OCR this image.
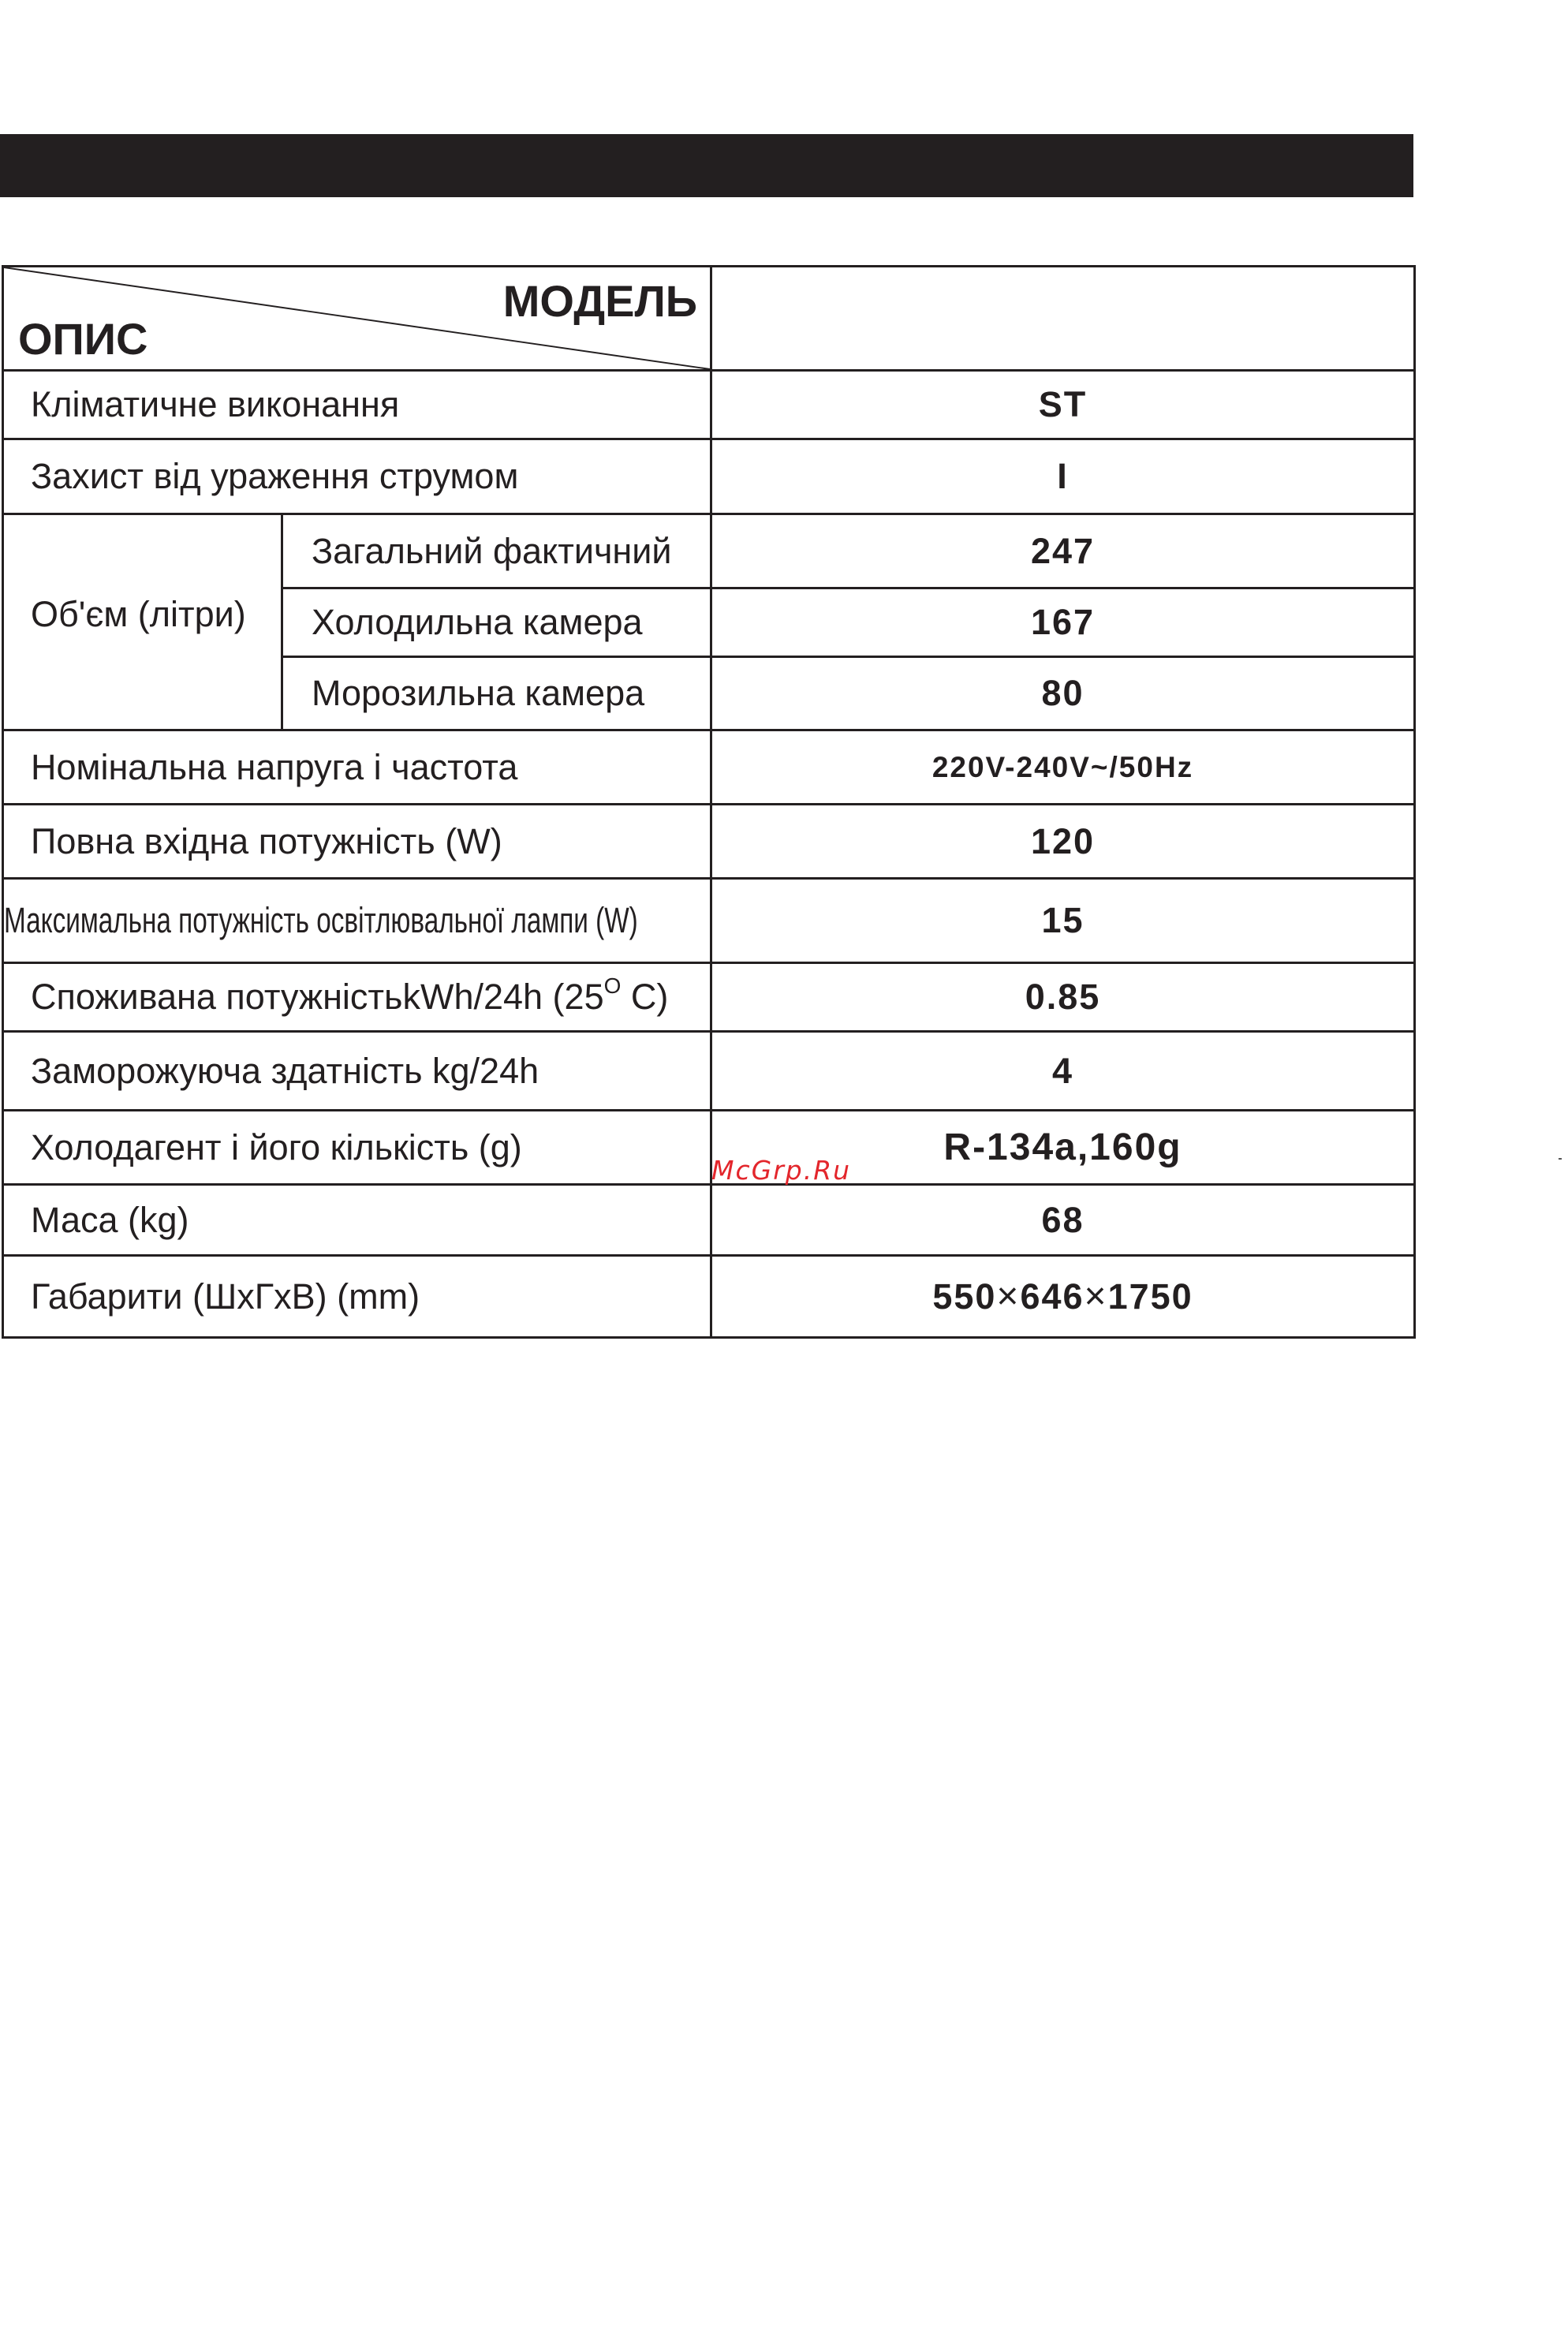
МОДЕЛЬ
ОПИС		

Кліматичне виконання		ST
Захист від ураження струмом		I
Об'єм (літри)	Загальний фактичний	247
	Холодильна камера	167
	Морозильна камера	80
Номінальна напруга і частота		220V-240V~/50Hz
Повна вхідна потужність (W)		120
Максимальна потужність освітлювальної лампи (W)		15
Споживана потужністьkWh/24h ($25^O$ C)		0.85
Заморожуюча здатність kg/24h		4
Холодагент і його кількість (g)		R-134a,160g
Маса (kg)		68
Габарити (ШхГхВ) (mm)		550×646×1750
McGrp.Ru
